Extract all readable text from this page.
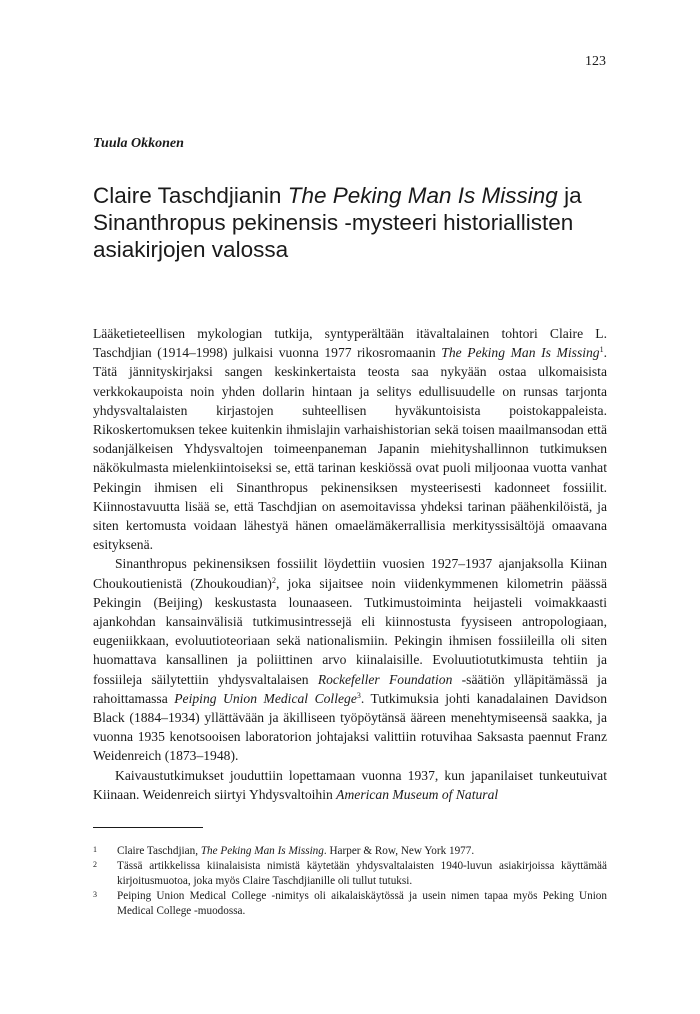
123
Tuula Okkonen
Claire Taschdjianin The Peking Man Is Missing ja Sinanthropus pekinensis -mysteeri historiallisten asiakirjojen valossa

Lääketieteellisen mykologian tutkija, syntyperältään itävaltalainen tohtori Claire L. Taschdjian (1914–1998) julkaisi vuonna 1977 rikosromaanin The Peking Man Is Missing$^1$. Tätä jännityskirjaksi sangen keskinkertaista teosta saa nykyään ostaa ulkomaisista verkkokaupoista noin yhden dollarin hintaan ja selitys edullisuudelle on runsas tarjonta yhdysvaltalaisten kirjastojen suhteellisen hyväkuntoisista poistokappaleista. Rikoskertomuksen tekee kuitenkin ihmislajin varhaishistorian sekä toisen maailmansodan että sodanjälkeisen Yhdysvaltojen toimeenpaneman Japanin miehityshallinnon tutkimuksen näkökulmasta mielenkiintoiseksi se, että tarinan keskiössä ovat puoli miljoonaa vuotta vanhat Pekingin ihmisen eli Sinanthropus pekinensiksen mysteerisesti kadonneet fossiilit. Kiinnostavuutta lisää se, että Taschdjian on asemoitavissa yhdeksi tarinan päähenkilöistä, ja siten kertomusta voidaan lähestyä hänen omaelämäkerrallisia merkityssisältöjä omaavana esityksenä.

Sinanthropus pekinensiksen fossiilit löydettiin vuosien 1927–1937 ajanjaksolla Kiinan Choukoutienistä (Zhoukoudian)$^2$, joka sijaitsee noin viidenkymmenen kilometrin päässä Pekingin (Beijing) keskustasta lounaaseen. Tutkimustoiminta heijasteli voimakkaasti ajankohdan kansainvälisiä tutkimusintressejä eli kiinnostusta fyysiseen antropologiaan, eugeniikkaan, evoluutioteoriaan sekä nationalismiin. Pekingin ihmisen fossiileilla oli siten huomattava kansallinen ja poliittinen arvo kiinalaisille. Evoluutiotutkimusta tehtiin ja fossiileja säilytettiin yhdysvaltalaisen Rockefeller Foundation -säätiön ylläpitämässä ja rahoittamassa Peiping Union Medical College$^3$. Tutkimuksia johti kanadalainen Davidson Black (1884–1934) yllättävään ja äkilliseen työpöytänsä ääreen menehtymiseensä saakka, ja vuonna 1935 kenotsooisen laboratorion johtajaksi valittiin rotuvihaa Saksasta paennut Franz Weidenreich (1873–1948).

Kaivaustutkimukset jouduttiin lopettamaan vuonna 1937, kun japanilaiset tunkeutuivat Kiinaan. Weidenreich siirtyi Yhdysvaltoihin American Museum of Natural

1 Claire Taschdjian, The Peking Man Is Missing. Harper & Row, New York 1977.
2 Tässä artikkelissa kiinalaisista nimistä käytetään yhdysvaltalaisten 1940-luvun asiakirjoissa käyttämää kirjoitusmuotoa, joka myös Claire Taschdjianille oli tullut tutuksi.
3 Peiping Union Medical College -nimitys oli aikalaiskäytössä ja usein nimen tapaa myös Peking Union Medical College -muodossa.
